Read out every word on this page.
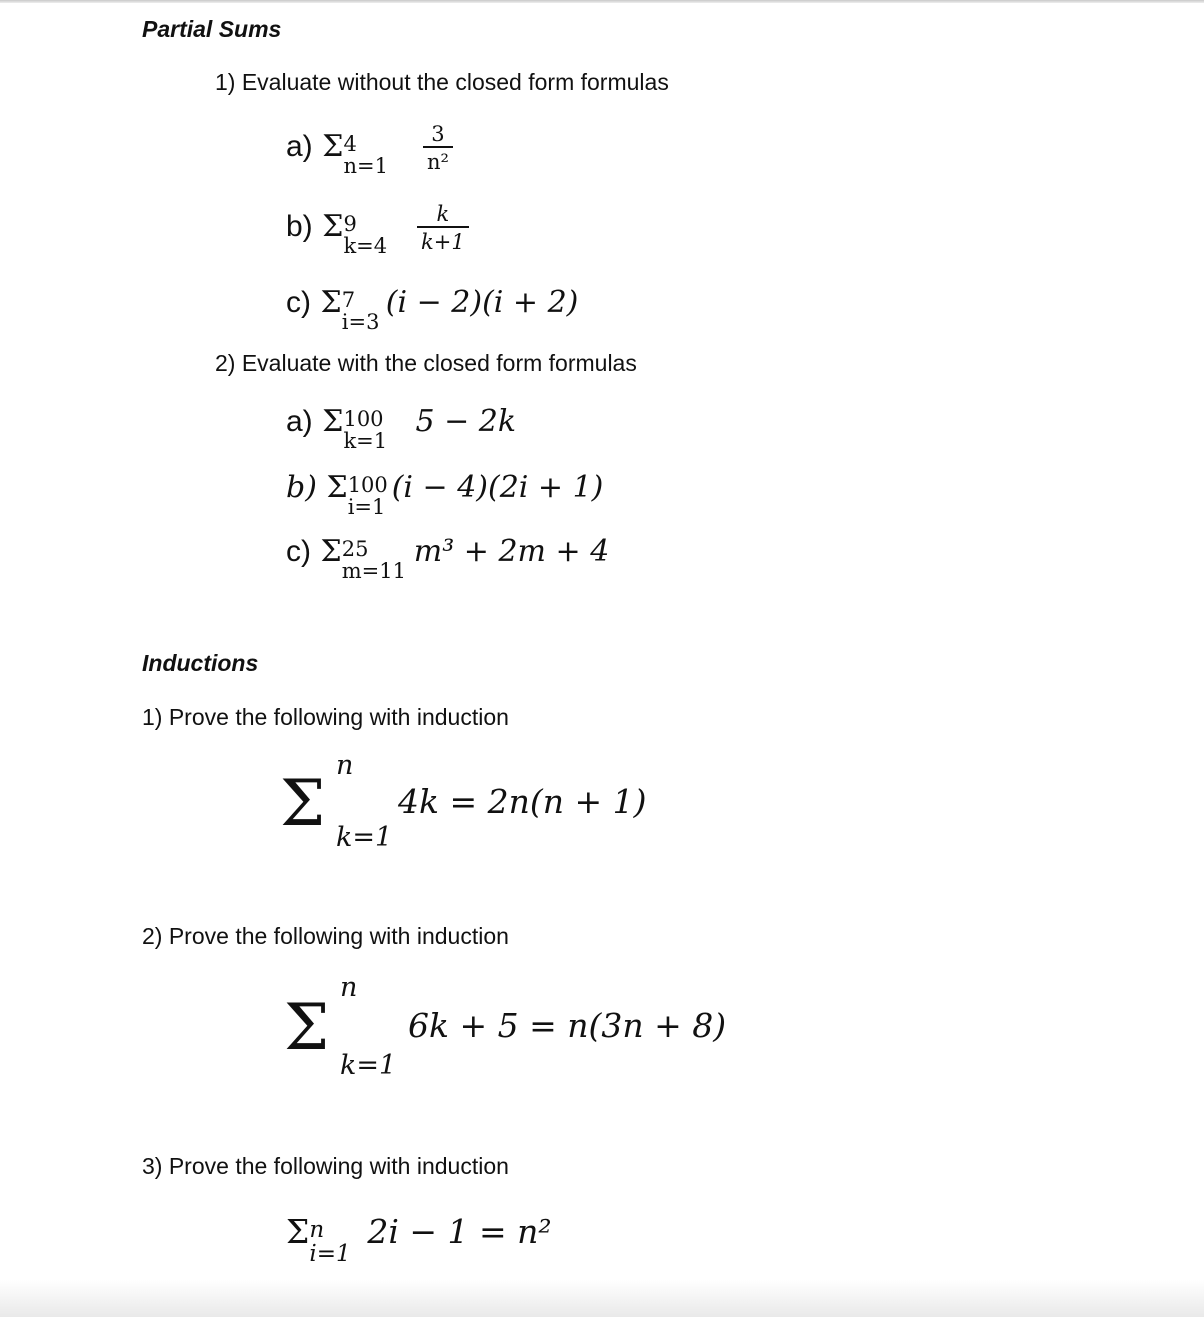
Partial Sums
1) Evaluate without the closed form formulas
a) Σ 4
n=1
$\frac{3}{\text{n²}}$
b) Σ 9
k=4
$\frac{k}{k+1}$
c) Σ 7
i=3
(i − 2)(i + 2)
2) Evaluate with the closed form formulas
a) Σ 100
k=1
5 − 2k
b) Σ 100
i=1
(i − 4)(2i + 1)
c) Σ 25
m=11
m³ + 2m + 4
Inductions
1) Prove the following with induction
Σ
n
k=1
4k = 2n(n + 1)
2) Prove the following with induction
Σ
n
k=1
6k + 5 = n(3n + 8)
3) Prove the following with induction
Σ n
i=1
2i − 1 = n²
